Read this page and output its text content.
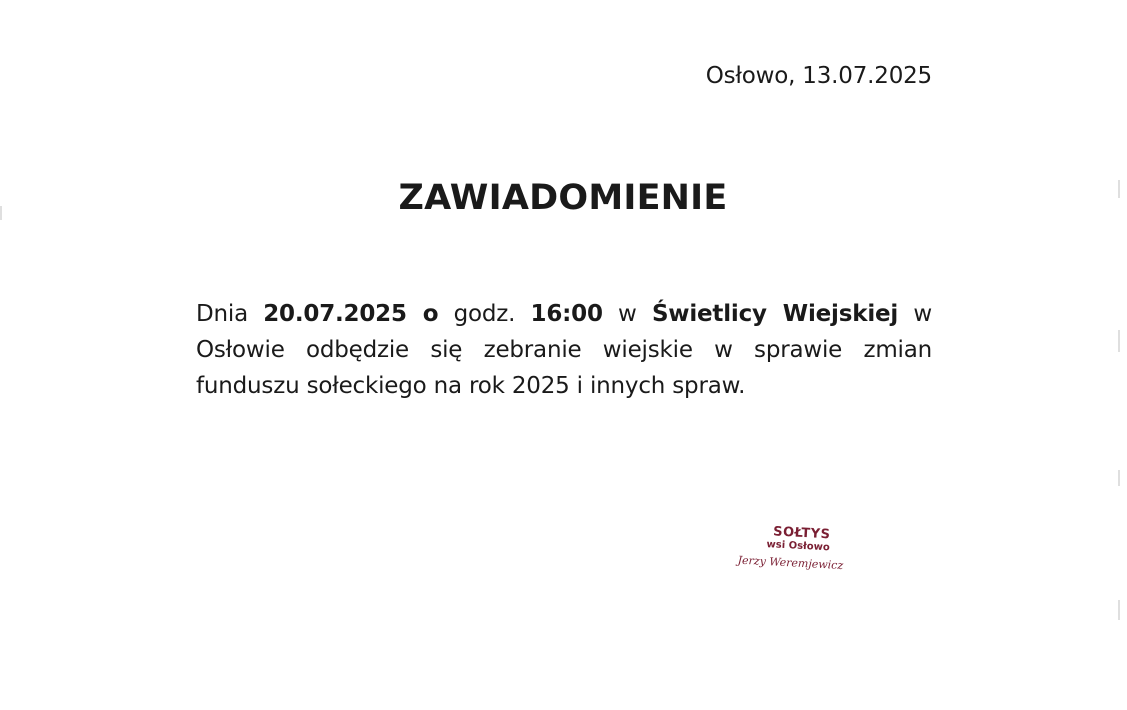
Osłowo, 13.07.2025
ZAWIADOMIENIE
Dnia 20.07.2025 o godz. 16:00 w Świetlicy Wiejskiej w Osłowie odbędzie się zebranie wiejskie w sprawie zmian funduszu sołeckiego na rok 2025 i innych spraw.
SOŁTYS
wsi Osłowo
Jerzy Weremjewicz
